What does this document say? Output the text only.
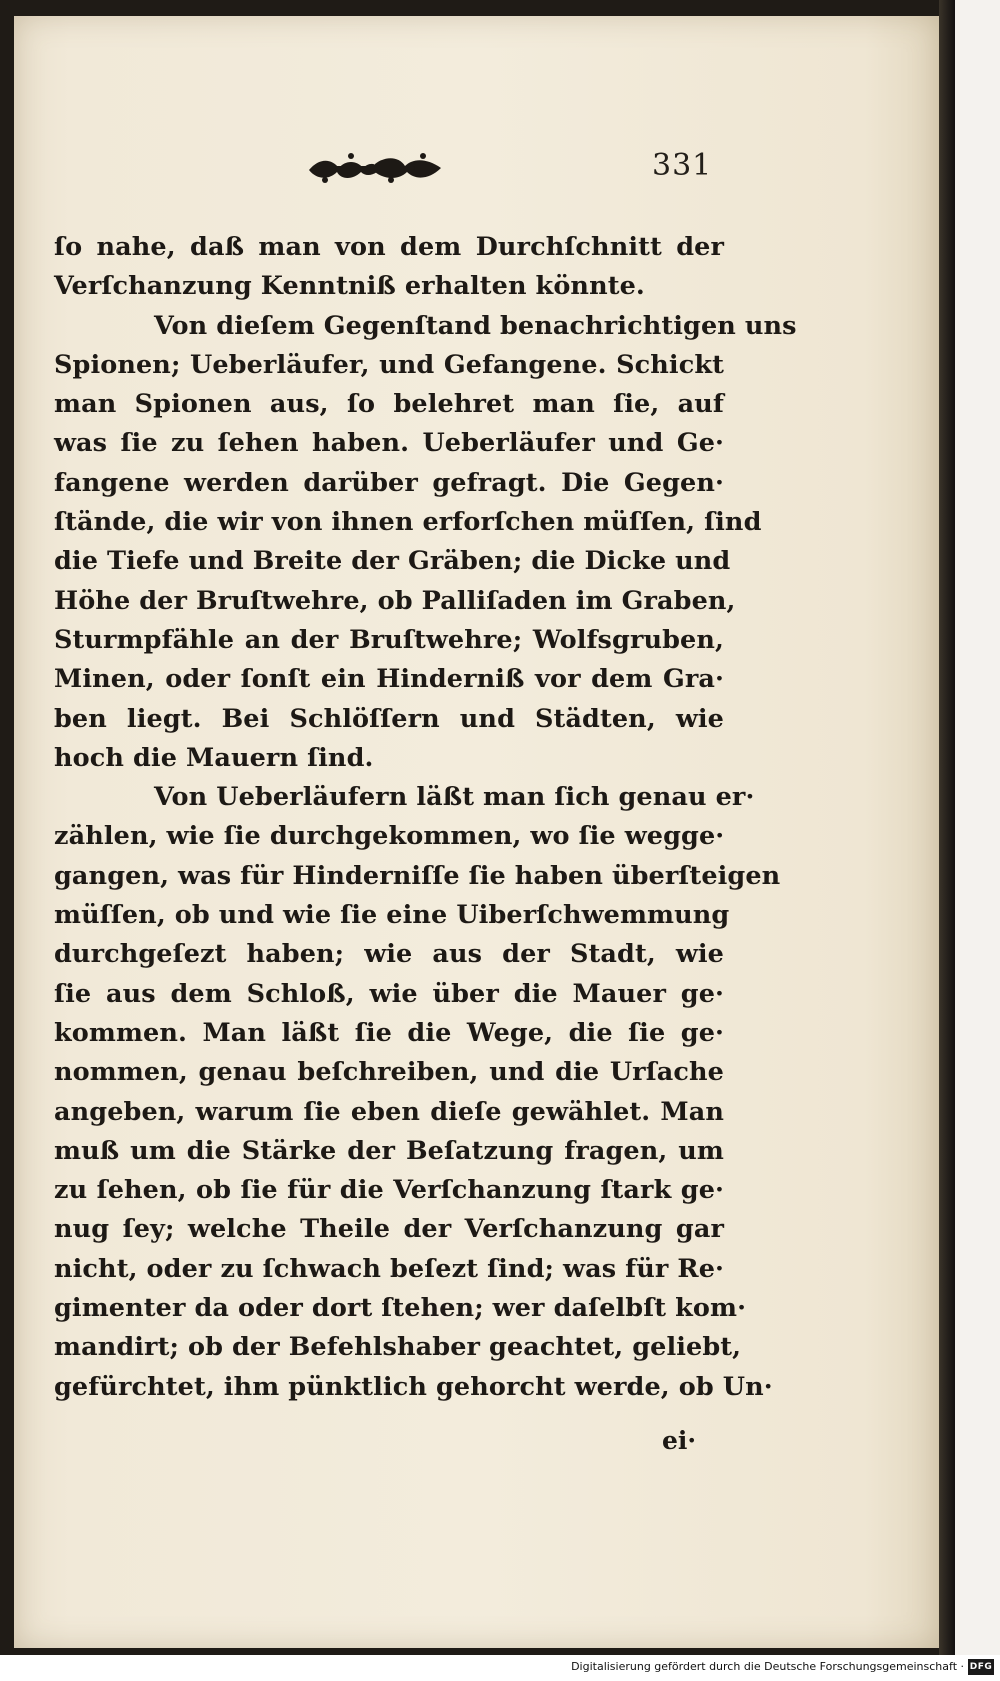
331
ſo nahe, daß man von dem Durchſchnitt der
Verſchanzung Kenntniß erhalten könnte.
Von dieſem Gegenſtand benachrichtigen uns
Spionen; Ueberläufer, und Gefangene. Schickt
man Spionen aus, ſo belehret man ſie, auf
was ſie zu ſehen haben. Ueberläufer und Ge·
fangene werden darüber gefragt. Die Gegen·
ſtände, die wir von ihnen erforſchen müſſen, ſind
die Tiefe und Breite der Gräben; die Dicke und
Höhe der Bruſtwehre, ob Palliſaden im Graben,
Sturmpfähle an der Bruſtwehre; Wolfsgruben,
Minen, oder ſonſt ein Hinderniß vor dem Gra·
ben liegt. Bei Schlöſſern und Städten, wie
hoch die Mauern ſind.
Von Ueberläufern läßt man ſich genau er·
zählen, wie ſie durchgekommen, wo ſie wegge·
gangen, was für Hinderniſſe ſie haben überſteigen
müſſen, ob und wie ſie eine Uiberſchwemmung
durchgeſezt haben; wie aus der Stadt, wie
ſie aus dem Schloß, wie über die Mauer ge·
kommen. Man läßt ſie die Wege, die ſie ge·
nommen, genau beſchreiben, und die Urſache
angeben, warum ſie eben dieſe gewählet. Man
muß um die Stärke der Beſatzung fragen, um
zu ſehen, ob ſie für die Verſchanzung ſtark ge·
nug ſey; welche Theile der Verſchanzung gar
nicht, oder zu ſchwach beſezt ſind; was für Re·
gimenter da oder dort ſtehen; wer daſelbſt kom·
mandirt; ob der Befehlshaber geachtet, geliebt,
gefürchtet, ihm pünktlich gehorcht werde, ob Un·
ei·
Digitalisierung gefördert durch die Deutsche Forschungsgemeinschaft · DFG
